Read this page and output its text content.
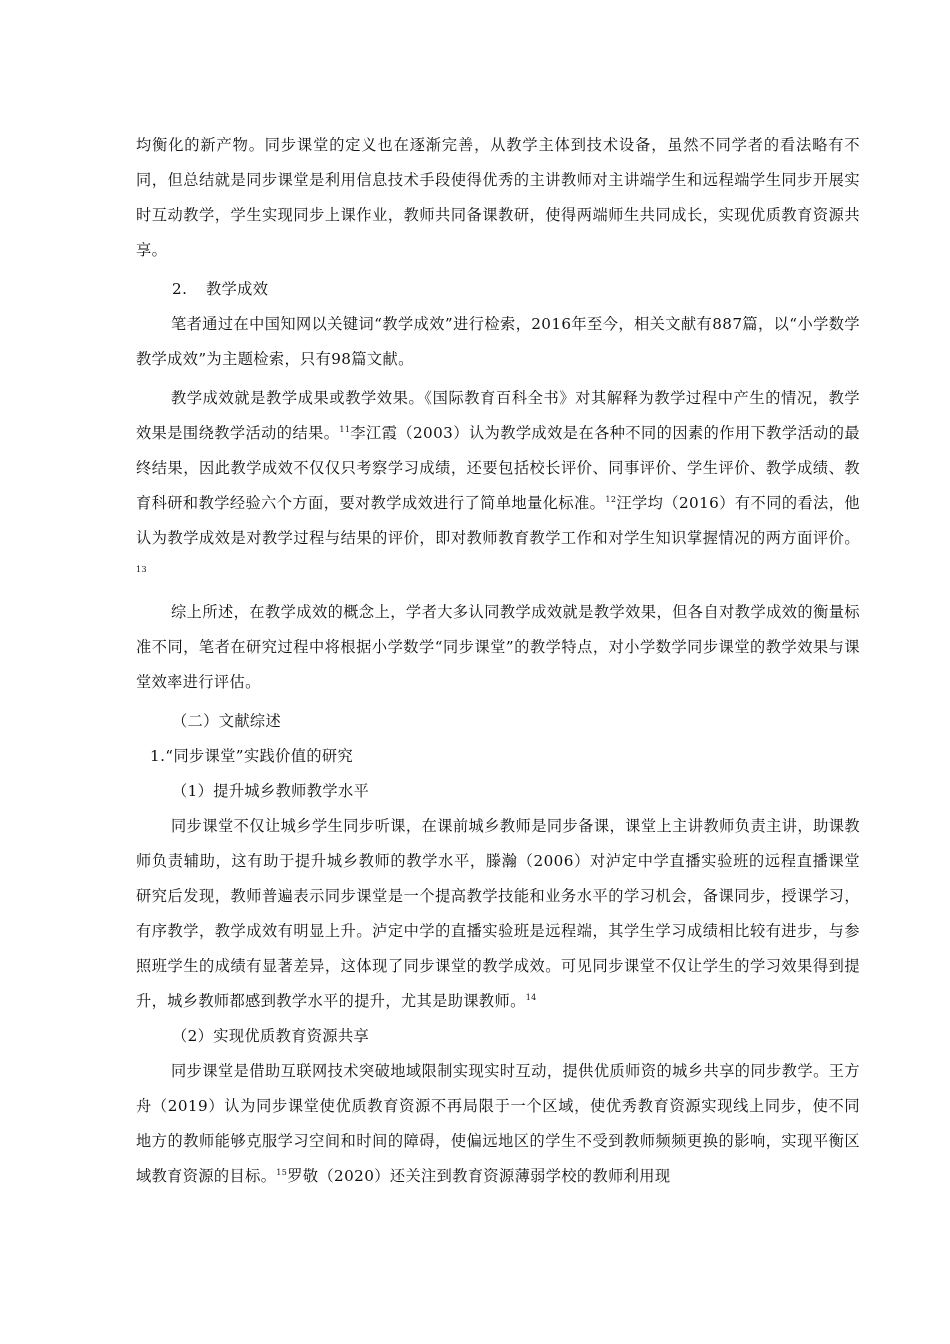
均衡化的新产物。同步课堂的定义也在逐渐完善，从教学主体到技术设备，虽然不同学者的看法略有不同，但总结就是同步课堂是利用信息技术手段使得优秀的主讲教师对主讲端学生和远程端学生同步开展实时互动教学，学生实现同步上课作业，教师共同备课教研，使得两端师生共同成长，实现优质教育资源共享。

2. 教学成效

笔者通过在中国知网以关键词“教学成效”进行检索，2016年至今，相关文献有887篇，以“小学数学教学成效”为主题检索，只有98篇文献。

教学成效就是教学成果或教学效果。《国际教育百科全书》对其解释为教学过程中产生的情况，教学效果是围绕教学活动的结果。$^{11}$李江霞（2003）认为教学成效是在各种不同的因素的作用下教学活动的最终结果，因此教学成效不仅仅只考察学习成绩，还要包括校长评价、同事评价、学生评价、教学成绩、教育科研和教学经验六个方面，要对教学成效进行了简单地量化标准。$^{12}$汪学均（2016）有不同的看法，他认为教学成效是对教学过程与结果的评价，即对教师教育教学工作和对学生知识掌握情况的两方面评价。$^{13}$

综上所述，在教学成效的概念上，学者大多认同教学成效就是教学效果，但各自对教学成效的衡量标准不同，笔者在研究过程中将根据小学数学“同步课堂”的教学特点，对小学数学同步课堂的教学效果与课堂效率进行评估。

（二）文献综述

1.“同步课堂”实践价值的研究

（1）提升城乡教师教学水平

同步课堂不仅让城乡学生同步听课，在课前城乡教师是同步备课，课堂上主讲教师负责主讲，助课教师负责辅助，这有助于提升城乡教师的教学水平，滕瀚（2006）对泸定中学直播实验班的远程直播课堂研究后发现，教师普遍表示同步课堂是一个提高教学技能和业务水平的学习机会，备课同步，授课学习，有序教学，教学成效有明显上升。泸定中学的直播实验班是远程端，其学生学习成绩相比较有进步，与参照班学生的成绩有显著差异，这体现了同步课堂的教学成效。可见同步课堂不仅让学生的学习效果得到提升，城乡教师都感到教学水平的提升，尤其是助课教师。$^{14}$

（2）实现优质教育资源共享

同步课堂是借助互联网技术突破地域限制实现实时互动，提供优质师资的城乡共享的同步教学。王方舟（2019）认为同步课堂使优质教育资源不再局限于一个区域，使优秀教育资源实现线上同步，使不同地方的教师能够克服学习空间和时间的障碍，使偏远地区的学生不受到教师频频更换的影响，实现平衡区域教育资源的目标。$^{15}$罗敬（2020）还关注到教育资源薄弱学校的教师利用现
